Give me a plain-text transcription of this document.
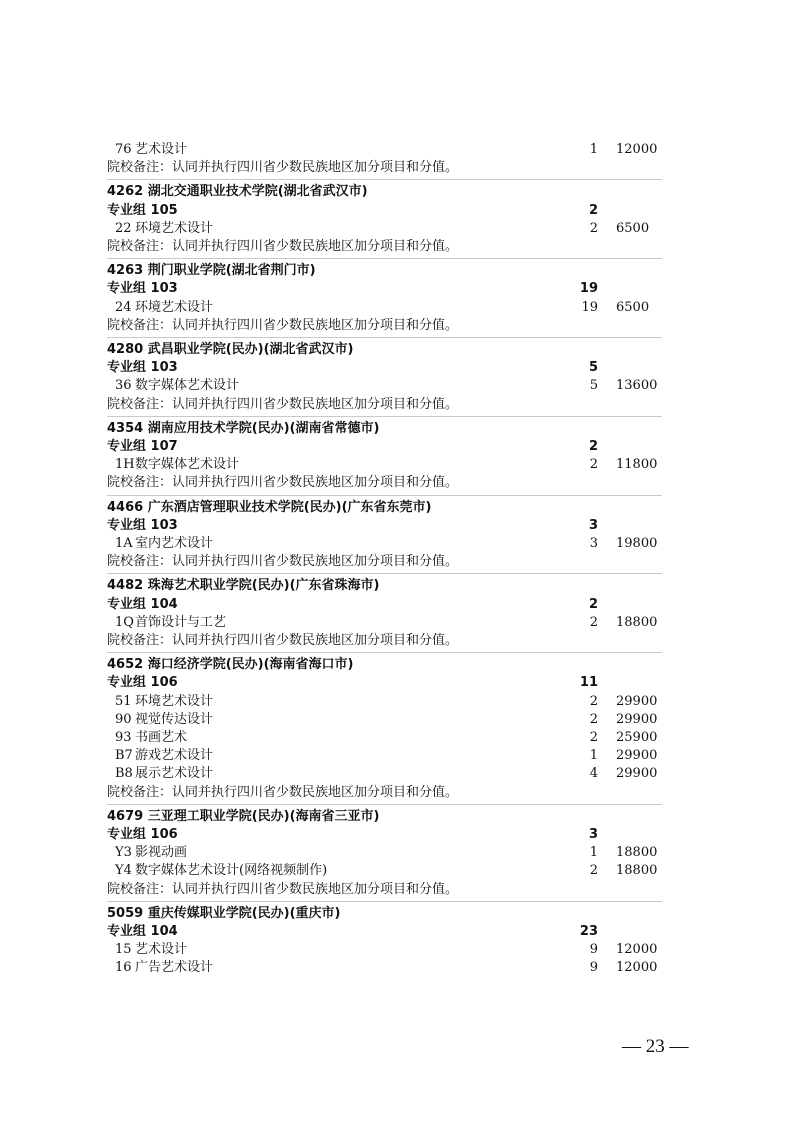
— 23 —
76 艺术设计	1 12000
院校备注：认同并执行四川省少数民族地区加分项目和分值。
4262 湖北交通职业技术学院(湖北省武汉市)
专业组 105	2
22 环境艺术设计	2 6500
院校备注：认同并执行四川省少数民族地区加分项目和分值。
4263 荆门职业学院(湖北省荆门市)
专业组 103	19
24 环境艺术设计	19 6500
院校备注：认同并执行四川省少数民族地区加分项目和分值。
4280 武昌职业学院(民办)(湖北省武汉市)
专业组 103	5
36 数字媒体艺术设计	5 13600
院校备注：认同并执行四川省少数民族地区加分项目和分值。
4354 湖南应用技术学院(民办)(湖南省常德市)
专业组 107	2
1H 数字媒体艺术设计	2 11800
院校备注：认同并执行四川省少数民族地区加分项目和分值。
4466 广东酒店管理职业技术学院(民办)(广东省东莞市)
专业组 103	3
1A 室内艺术设计	3 19800
院校备注：认同并执行四川省少数民族地区加分项目和分值。
4482 珠海艺术职业学院(民办)(广东省珠海市)
专业组 104	2
1Q 首饰设计与工艺	2 18800
院校备注：认同并执行四川省少数民族地区加分项目和分值。
4652 海口经济学院(民办)(海南省海口市)
专业组 106	11
51 环境艺术设计	2 29900
90 视觉传达设计	2 29900
93 书画艺术	2 25900
B7 游戏艺术设计	1 29900
B8 展示艺术设计	4 29900
院校备注：认同并执行四川省少数民族地区加分项目和分值。
4679 三亚理工职业学院(民办)(海南省三亚市)
专业组 106	3
Y3 影视动画	1 18800
Y4 数字媒体艺术设计(网络视频制作)	2 18800
院校备注：认同并执行四川省少数民族地区加分项目和分值。
5059 重庆传媒职业学院(民办)(重庆市)
专业组 104	23
15 艺术设计	9 12000
16 广告艺术设计	9 12000
